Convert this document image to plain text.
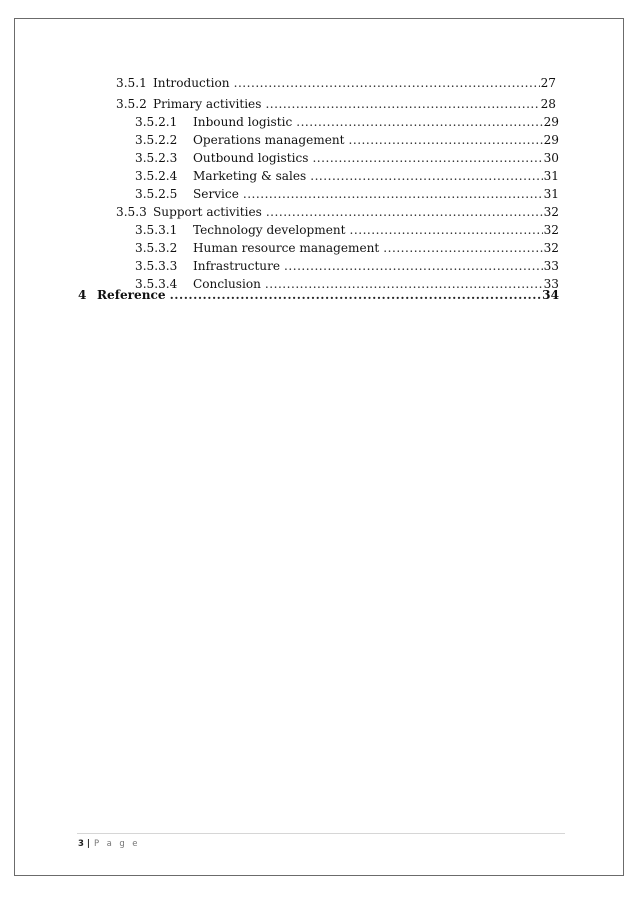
3.5.1 Introduction .....	27
3.5.2 Primary activities .....	28
3.5.2.1	Inbound logistic .....	29
3.5.2.2	Operations management .....	29
3.5.2.3	Outbound logistics .....	30
3.5.2.4	Marketing & sales .....	31
3.5.2.5	Service .....	31
3.5.3 Support activities .....	32
3.5.3.1	Technology development .....	32
3.5.3.2	Human resource management .....	32
3.5.3.3	Infrastructure .....	33
3.5.3.4	Conclusion .....	33
4 Reference .....	34
3 | P a g e
